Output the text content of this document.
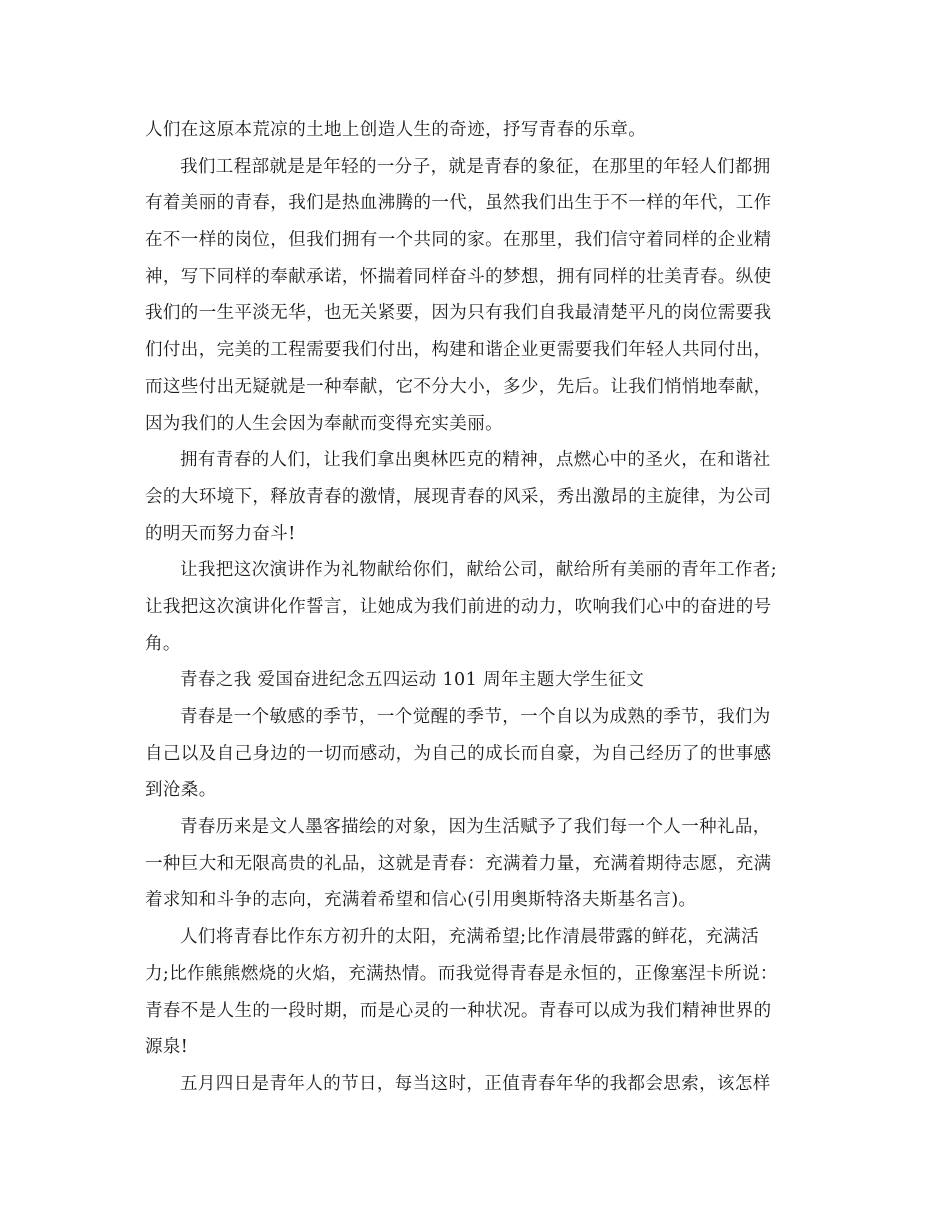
人们在这原本荒凉的土地上创造人生的奇迹，抒写青春的乐章。
我们工程部就是是年轻的一分子，就是青春的象征，在那里的年轻人们都拥
有着美丽的青春，我们是热血沸腾的一代，虽然我们出生于不一样的年代，工作
在不一样的岗位，但我们拥有一个共同的家。在那里，我们信守着同样的企业精
神，写下同样的奉献承诺，怀揣着同样奋斗的梦想，拥有同样的壮美青春。纵使
我们的一生平淡无华，也无关紧要，因为只有我们自我最清楚平凡的岗位需要我
们付出，完美的工程需要我们付出，构建和谐企业更需要我们年轻人共同付出，
而这些付出无疑就是一种奉献，它不分大小，多少，先后。让我们悄悄地奉献，
因为我们的人生会因为奉献而变得充实美丽。
拥有青春的人们，让我们拿出奥林匹克的精神，点燃心中的圣火，在和谐社
会的大环境下，释放青春的激情，展现青春的风采，秀出激昂的主旋律，为公司
的明天而努力奋斗!
让我把这次演讲作为礼物献给你们，献给公司，献给所有美丽的青年工作者;
让我把这次演讲化作誓言，让她成为我们前进的动力，吹响我们心中的奋进的号
角。
青春之我 爱国奋进纪念五四运动 101 周年主题大学生征文
青春是一个敏感的季节，一个觉醒的季节，一个自以为成熟的季节，我们为
自己以及自己身边的一切而感动，为自己的成长而自豪，为自己经历了的世事感
到沧桑。
青春历来是文人墨客描绘的对象，因为生活赋予了我们每一个人一种礼品，
一种巨大和无限高贵的礼品，这就是青春：充满着力量，充满着期待志愿，充满
着求知和斗争的志向，充满着希望和信心(引用奥斯特洛夫斯基名言)。
人们将青春比作东方初升的太阳，充满希望;比作清晨带露的鲜花，充满活
力;比作熊熊燃烧的火焰，充满热情。而我觉得青春是永恒的，正像塞涅卡所说：
青春不是人生的一段时期，而是心灵的一种状况。青春可以成为我们精神世界的
源泉!
五月四日是青年人的节日，每当这时，正值青春年华的我都会思索，该怎样
